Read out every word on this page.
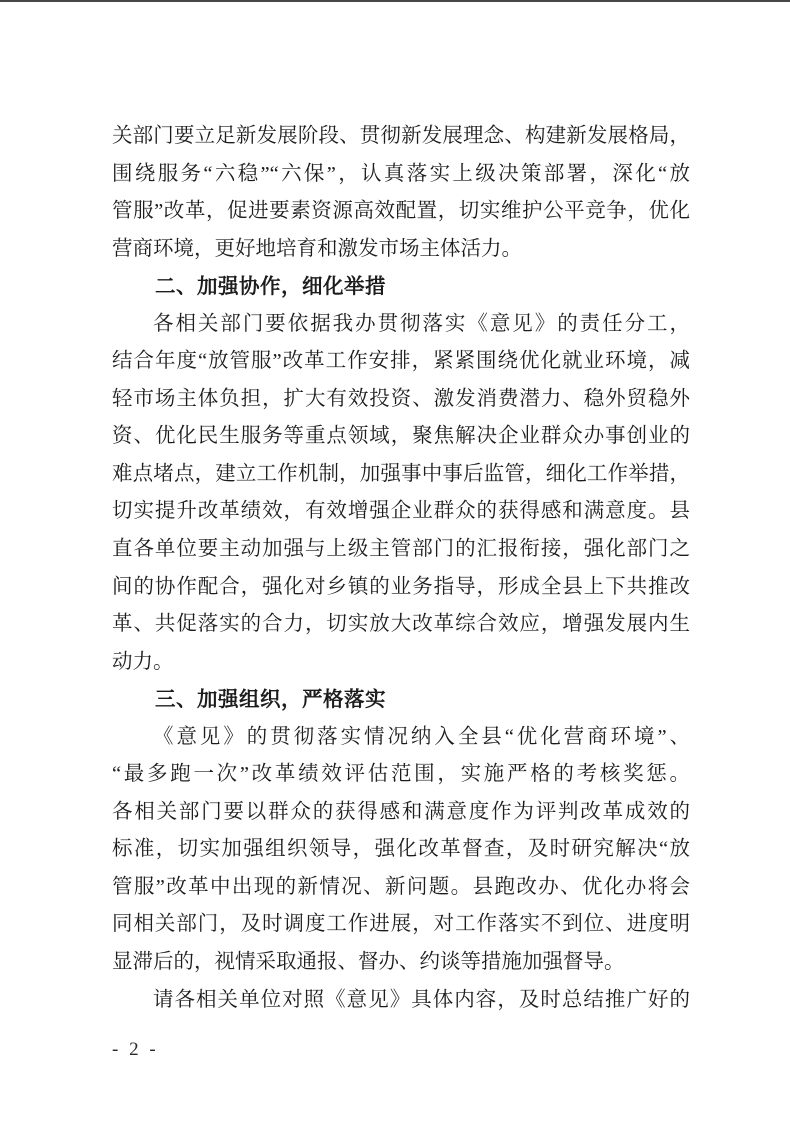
关部门要立足新发展阶段、贯彻新发展理念、构建新发展格局，
围绕服务“六稳”“六保”，认真落实上级决策部署，深化“放
管服”改革，促进要素资源高效配置，切实维护公平竞争，优化
营商环境，更好地培育和激发市场主体活力。
二、加强协作，细化举措
各相关部门要依据我办贯彻落实《意见》的责任分工，
结合年度“放管服”改革工作安排，紧紧围绕优化就业环境，减
轻市场主体负担，扩大有效投资、激发消费潜力、稳外贸稳外
资、优化民生服务等重点领域，聚焦解决企业群众办事创业的
难点堵点，建立工作机制，加强事中事后监管，细化工作举措，
切实提升改革绩效，有效增强企业群众的获得感和满意度。县
直各单位要主动加强与上级主管部门的汇报衔接，强化部门之
间的协作配合，强化对乡镇的业务指导，形成全县上下共推改
革、共促落实的合力，切实放大改革综合效应，增强发展内生
动力。
三、加强组织，严格落实
《意见》的贯彻落实情况纳入全县“优化营商环境”、
“最多跑一次”改革绩效评估范围，实施严格的考核奖惩。
各相关部门要以群众的获得感和满意度作为评判改革成效的
标准，切实加强组织领导，强化改革督查，及时研究解决“放
管服”改革中出现的新情况、新问题。县跑改办、优化办将会
同相关部门，及时调度工作进展，对工作落实不到位、进度明
显滞后的，视情采取通报、督办、约谈等措施加强督导。
请各相关单位对照《意见》具体内容，及时总结推广好的
- 2 -
